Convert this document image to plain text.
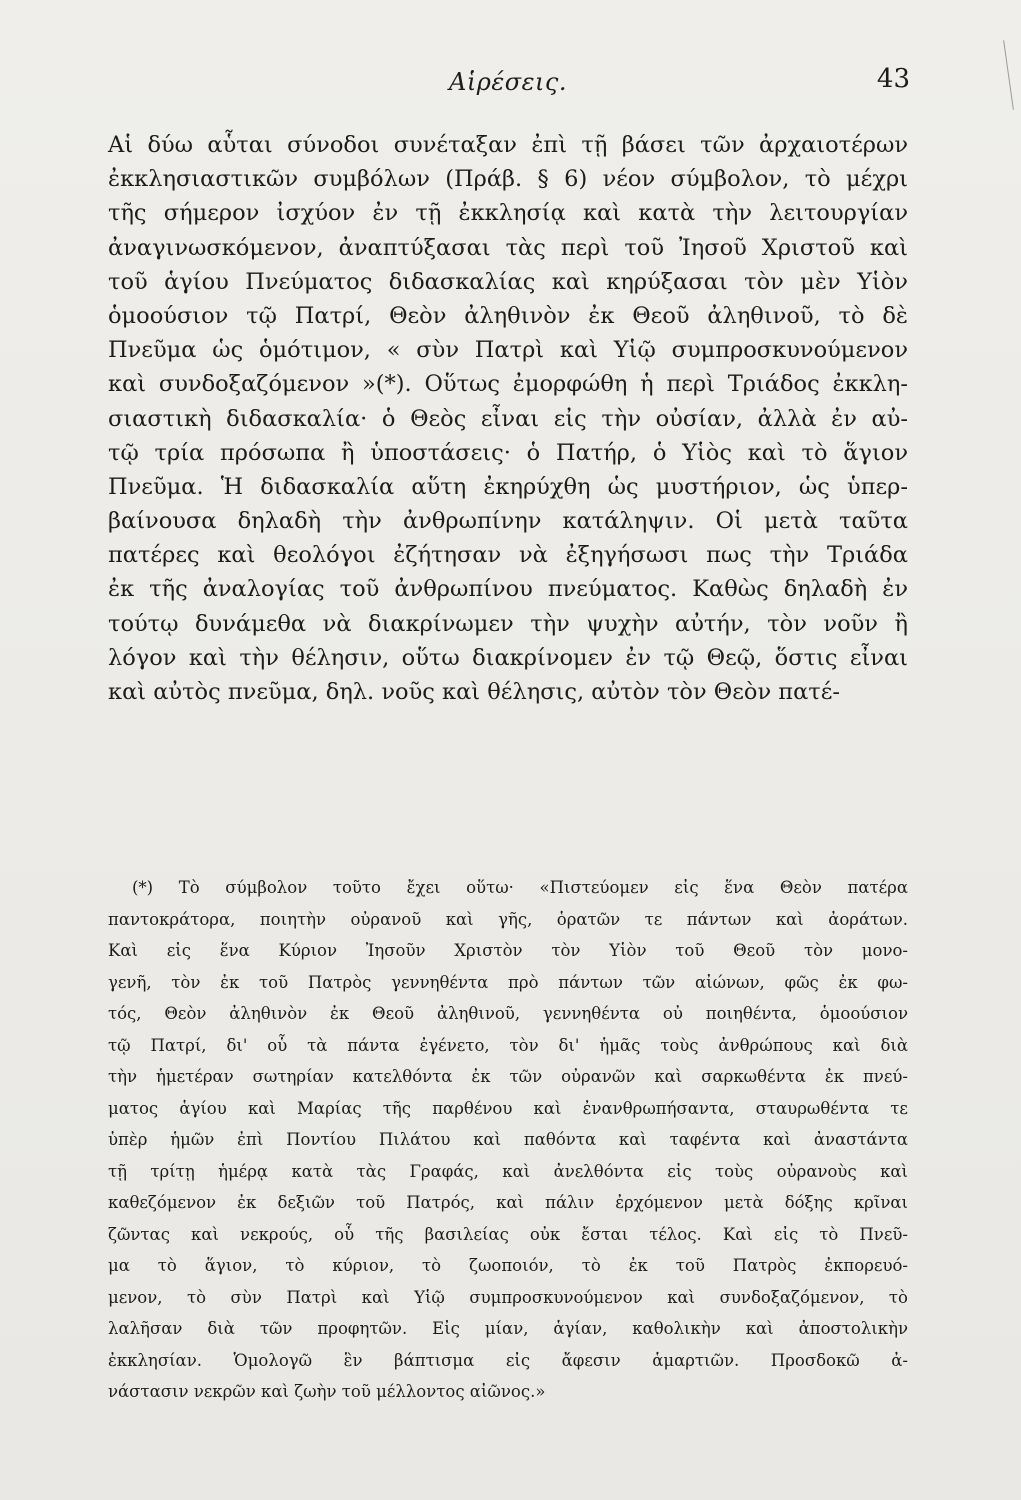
Αἱρέσεις.	43
Αἱ δύω αὗται σύνοδοι συνέταξαν ἐπὶ τῇ βάσει τῶν ἀρχαιοτέρων
ἐκκλησιαστικῶν συμβόλων (Πράβ. § 6) νέον σύμβολον, τὸ μέχρι
τῆς σήμερον ἰσχύον ἐν τῇ ἐκκλησίᾳ καὶ κατὰ τὴν λειτουργίαν
ἀναγινωσκόμενον, ἀναπτύξασαι τὰς περὶ τοῦ Ἰησοῦ Χριστοῦ καὶ
τοῦ ἁγίου Πνεύματος διδασκαλίας καὶ κηρύξασαι τὸν μὲν Υἱὸν
ὁμοούσιον τῷ Πατρί, Θεὸν ἀληθινὸν ἐκ Θεοῦ ἀληθινοῦ, τὸ δὲ
Πνεῦμα ὡς ὁμότιμον, « σὺν Πατρὶ καὶ Υἱῷ συμπροσκυνούμενον
καὶ συνδοξαζόμενον »(*). Οὕτως ἐμορφώθη ἡ περὶ Τριάδος ἐκκλη-
σιαστικὴ διδασκαλία· ὁ Θεὸς εἶναι εἰς τὴν οὐσίαν, ἀλλὰ ἐν αὐ-
τῷ τρία πρόσωπα ἢ ὑποστάσεις· ὁ Πατήρ, ὁ Υἱὸς καὶ τὸ ἅγιον
Πνεῦμα. Ἡ διδασκαλία αὕτη ἐκηρύχθη ὡς μυστήριον, ὡς ὑπερ-
βαίνουσα δηλαδὴ τὴν ἀνθρωπίνην κατάληψιν. Οἱ μετὰ ταῦτα
πατέρες καὶ θεολόγοι ἐζήτησαν νὰ ἐξηγήσωσι πως τὴν Τριάδα
ἐκ τῆς ἀναλογίας τοῦ ἀνθρωπίνου πνεύματος. Καθὼς δηλαδὴ ἐν
τούτῳ δυνάμεθα νὰ διακρίνωμεν τὴν ψυχὴν αὐτήν, τὸν νοῦν ἢ
λόγον καὶ τὴν θέλησιν, οὕτω διακρίνομεν ἐν τῷ Θεῷ, ὅστις εἶναι
καὶ αὐτὸς πνεῦμα, δηλ. νοῦς καὶ θέλησις, αὐτὸν τὸν Θεὸν πατέ-
(*) Τὸ σύμβολον τοῦτο ἔχει οὕτω· «Πιστεύομεν εἰς ἕνα Θεὸν πατέρα
παντοκράτορα, ποιητὴν οὐρανοῦ καὶ γῆς, ὁρατῶν τε πάντων καὶ ἀοράτων.
Καὶ εἰς ἕνα Κύριον Ἰησοῦν Χριστὸν τὸν Υἱὸν τοῦ Θεοῦ τὸν μονο-
γενῆ, τὸν ἐκ τοῦ Πατρὸς γεννηθέντα πρὸ πάντων τῶν αἰώνων, φῶς ἐκ φω-
τός, Θεὸν ἀληθινὸν ἐκ Θεοῦ ἀληθινοῦ, γεννηθέντα οὐ ποιηθέντα, ὁμοούσιον
τῷ Πατρί, δι' οὗ τὰ πάντα ἐγένετο, τὸν δι' ἡμᾶς τοὺς ἀνθρώπους καὶ διὰ
τὴν ἡμετέραν σωτηρίαν κατελθόντα ἐκ τῶν οὐρανῶν καὶ σαρκωθέντα ἐκ πνεύ-
ματος ἁγίου καὶ Μαρίας τῆς παρθένου καὶ ἐνανθρωπήσαντα, σταυρωθέντα τε
ὑπὲρ ἡμῶν ἐπὶ Ποντίου Πιλάτου καὶ παθόντα καὶ ταφέντα καὶ ἀναστάντα
τῇ τρίτῃ ἡμέρᾳ κατὰ τὰς Γραφάς, καὶ ἀνελθόντα εἰς τοὺς οὐρανοὺς καὶ
καθεζόμενον ἐκ δεξιῶν τοῦ Πατρός, καὶ πάλιν ἐρχόμενον μετὰ δόξης κρῖναι
ζῶντας καὶ νεκρούς, οὗ τῆς βασιλείας οὐκ ἔσται τέλος. Καὶ εἰς τὸ Πνεῦ-
μα τὸ ἅγιον, τὸ κύριον, τὸ ζωοποιόν, τὸ ἐκ τοῦ Πατρὸς ἐκπορευό-
μενον, τὸ σὺν Πατρὶ καὶ Υἱῷ συμπροσκυνούμενον καὶ συνδοξαζόμενον, τὸ
λαλῆσαν διὰ τῶν προφητῶν. Εἰς μίαν, ἁγίαν, καθολικὴν καὶ ἀποστολικὴν
ἐκκλησίαν. Ὁμολογῶ ἓν βάπτισμα εἰς ἄφεσιν ἁμαρτιῶν. Προσδοκῶ ἀ-
νάστασιν νεκρῶν καὶ ζωὴν τοῦ μέλλοντος αἰῶνος.»
